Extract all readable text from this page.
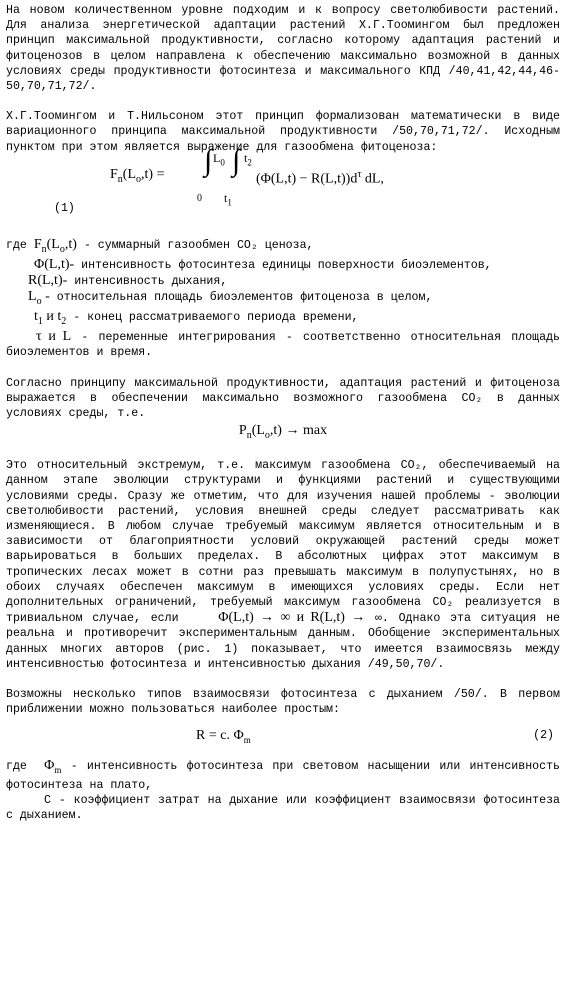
На новом количественном уровне подходим и к вопросу светолюбивости растений. Для анализа энергетической адаптации растений Х.Г.Тоомингом был предложен принцип максимальной продуктивности, согласно которому адаптация растений и фитоценозов в целом направлена к обеспечению максимально возможной в данных условиях среды продуктивности фотосинтеза и максимального КПД /40,41,42,44,46-50,70,71,72/.

Х.Г.Тоомингом и Т.Нильсоном этот принцип формализован математически в виде вариационного принципа максимальной продуктивности /50,70,71,72/. Исходным пунктом при этом является выражение для газообмена фитоценоза:

$F_n(L_o,t)$ = ∫ $L_0$
0
∫ $t_2$
$t_1$
$(\Phi(L,t) - R(L,t))d^\tau$ dL,
(1)

где $F_n(L_o,t)$ - суммарный газообмен CO₂ ценоза,

Φ(L,t)- интенсивность фотосинтеза единицы поверхности биоэлементов,

R(L,t)- интенсивность дыхания,

$L_o$ - относительная площадь биоэлементов фитоценоза в целом,

$t_1$ и $t_2$ - конец рассматриваемого периода времени,

τ и L - переменные интегрирования - соответственно относительная площадь биоэлементов и время.

Согласно принципу максимальной продуктивности, адаптация растений и фитоценоза выражается в обеспечении максимально возможного газообмена CO₂ в данных условиях среды, т.е.

$P_n(L_o,t) \to \max$

Это относительный экстремум, т.е. максимум газообмена CO₂, обеспечиваемый на данном этапе эволюции структурами и функциями растений и существующими условиями среды. Сразу же отметим, что для изучения нашей проблемы - эволюции светолюбивости растений, условия внешней среды следует рассматривать как изменяющиеся. В любом случае требуемый максимум является относительным и в зависимости от благоприятности условий окружающей растений среды может варьироваться в больших пределах. В абсолютных цифрах этот максимум в тропических лесах может в сотни раз превышать максимум в полупустынях, но в обоих случаях обеспечен максимум в имеющихся условиях среды. Если нет дополнительных ограничений, требуемый максимум газообмена CO₂ реализуется в тривиальном случае, если	Φ(L,t) → ∞ и R(L,t) → ∞. Однако эта ситуация не реальна и противоречит экспериментальным данным. Обобщение экспериментальных данных многих авторов (рис. 1) показывает, что имеется взаимосвязь между интенсивностью фотосинтеза и интенсивностью дыхания /49,50,70/.

Возможны несколько типов взаимосвязи фотосинтеза с дыханием /50/. В первом приближении можно пользоваться наиболее простым:

R = c. $\Phi_m$	(2)

где $\Phi_m$ - интенсивность фотосинтеза при световом насыщении или интенсивность фотосинтеза на плато,

C - коэффициент затрат на дыхание или коэффициент взаимосвязи фотосинтеза с дыханием.
